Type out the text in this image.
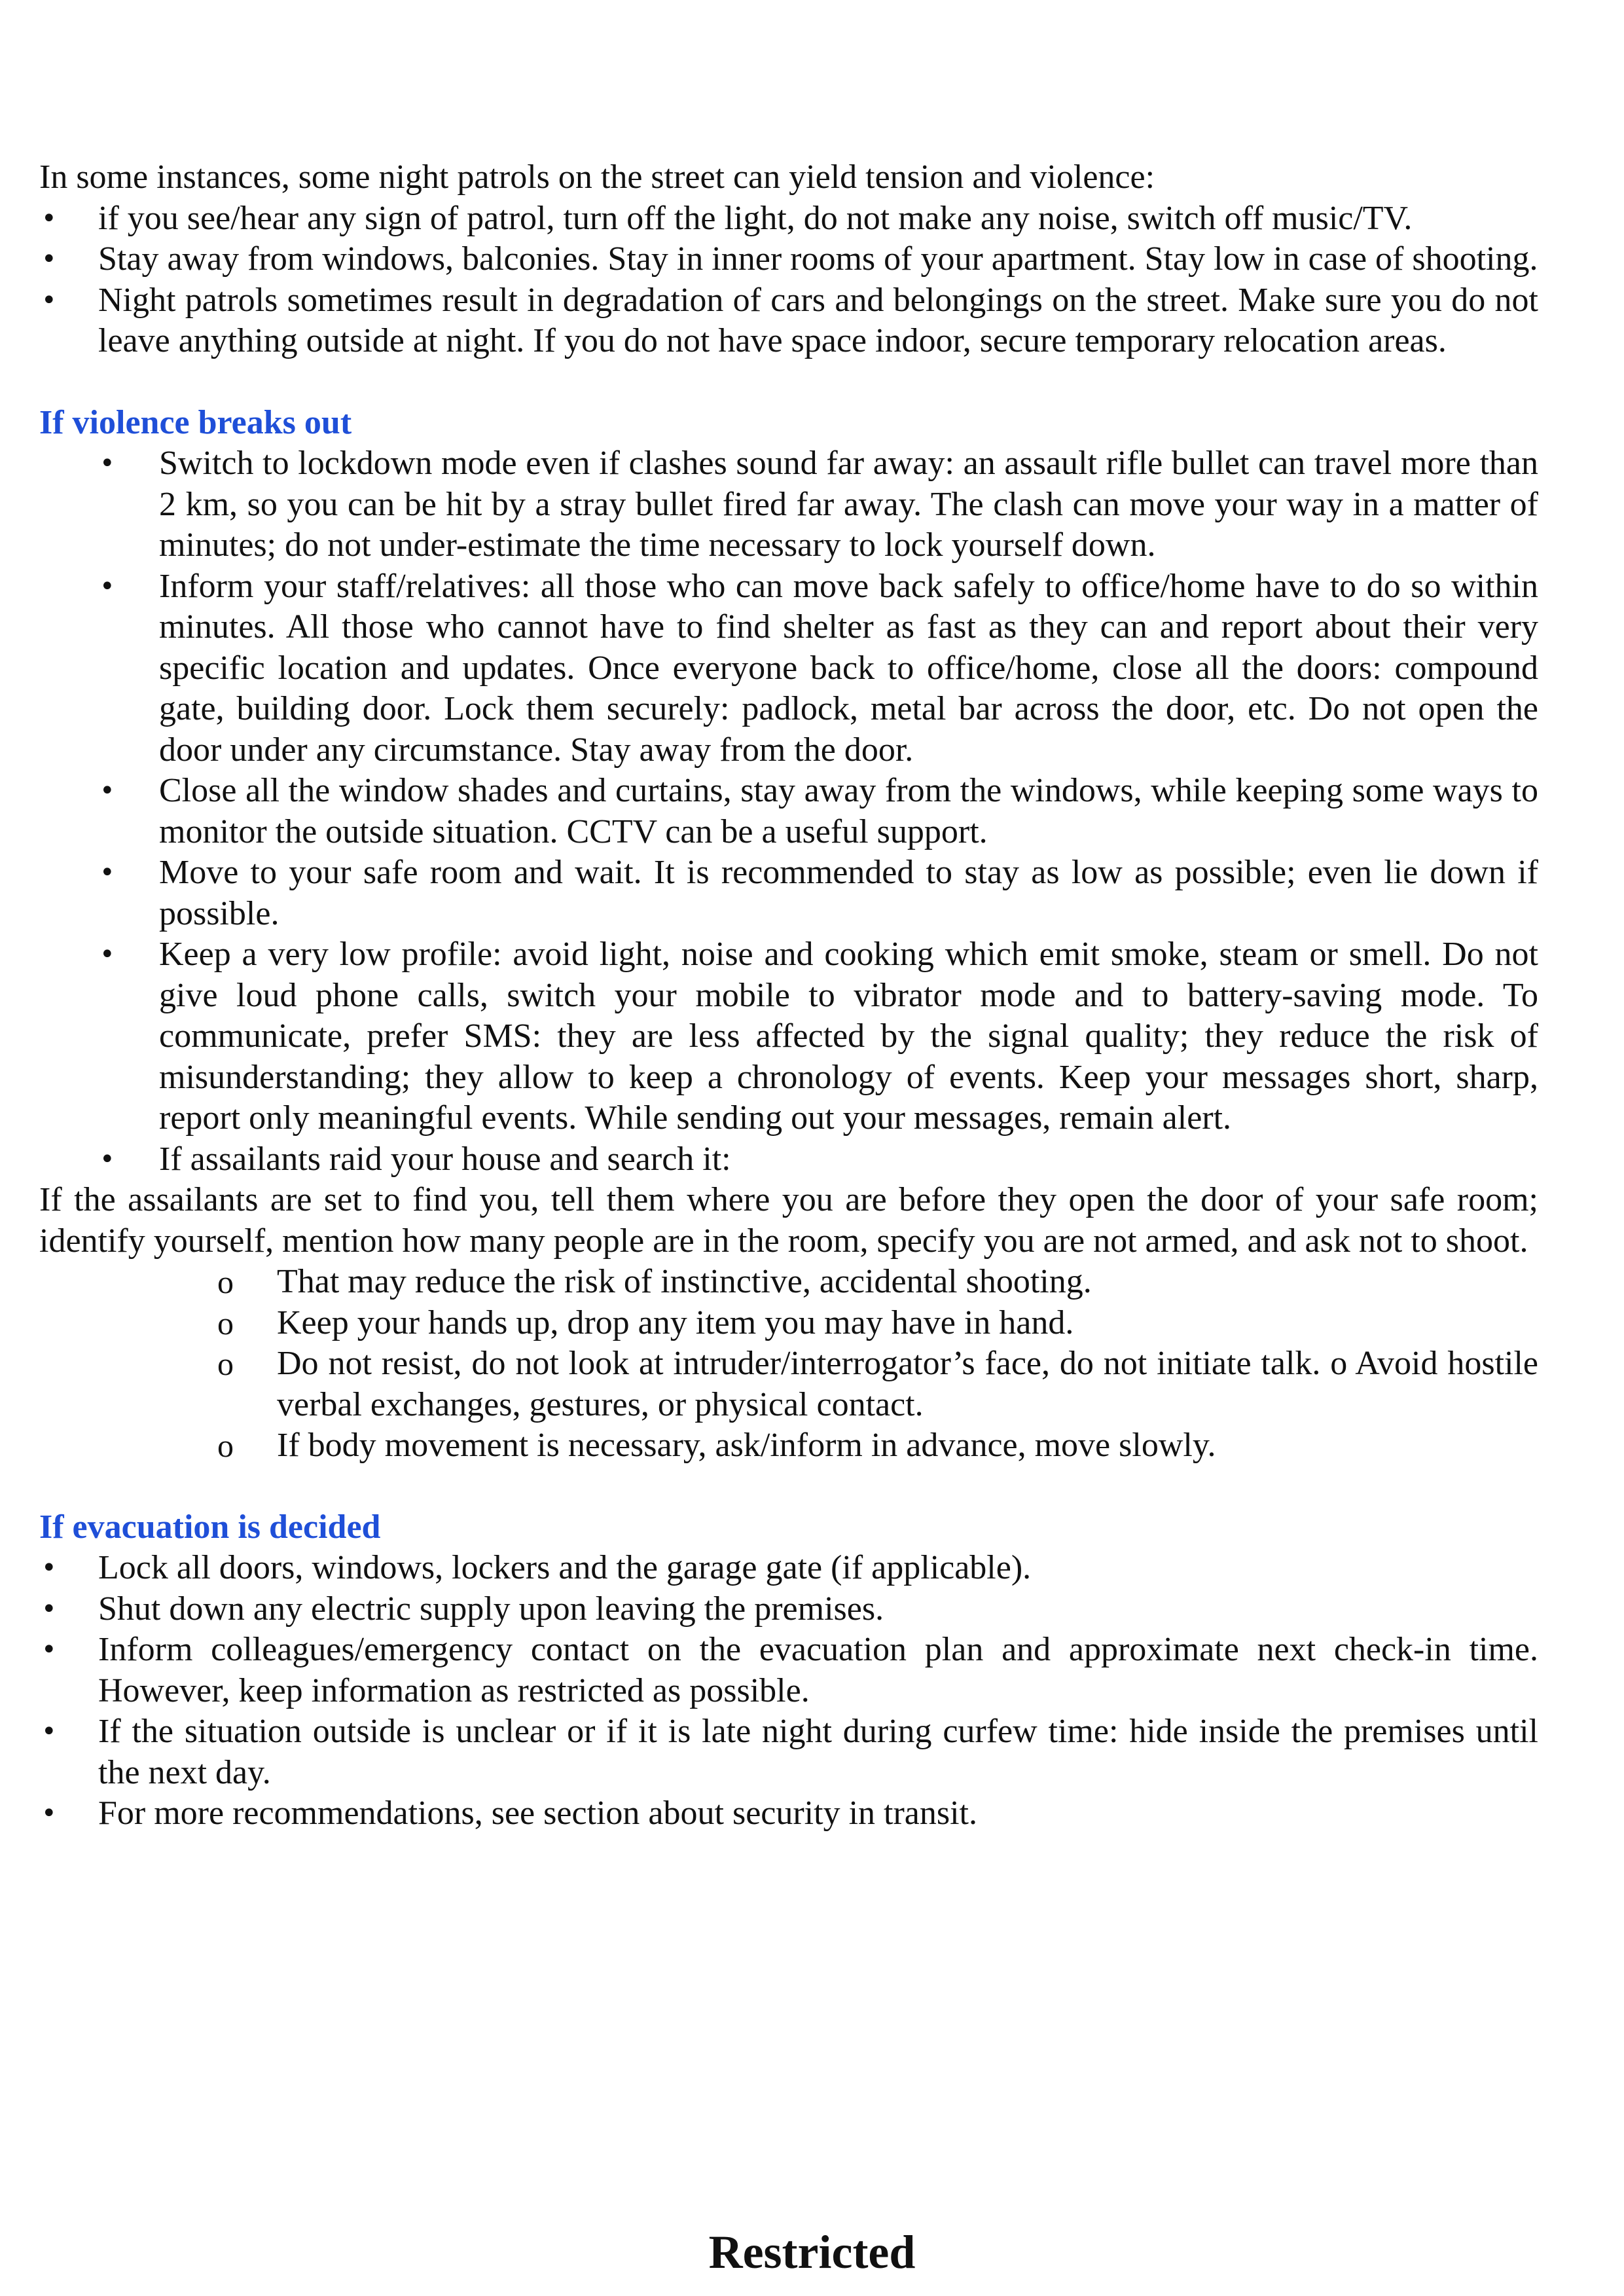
In some instances, some night patrols on the street can yield tension and violence:

• if you see/hear any sign of patrol, turn off the light, do not make any noise, switch off music/TV.
• Stay away from windows, balconies. Stay in inner rooms of your apartment. Stay low in case of shooting.
• Night patrols sometimes result in degradation of cars and belongings on the street. Make sure you do not leave anything outside at night. If you do not have space indoor, secure temporary relocation areas.

If violence breaks out

• Switch to lockdown mode even if clashes sound far away: an assault rifle bullet can travel more than 2 km, so you can be hit by a stray bullet fired far away. The clash can move your way in a matter of minutes; do not under-estimate the time necessary to lock yourself down.
• Inform your staff/relatives: all those who can move back safely to office/home have to do so within minutes. All those who cannot have to find shelter as fast as they can and report about their very specific location and updates. Once everyone back to office/home, close all the doors: compound gate, building door. Lock them securely: padlock, metal bar across the door, etc. Do not open the door under any circumstance. Stay away from the door.
• Close all the window shades and curtains, stay away from the windows, while keeping some ways to monitor the outside situation. CCTV can be a useful support.
• Move to your safe room and wait. It is recommended to stay as low as possible; even lie down if possible.
• Keep a very low profile: avoid light, noise and cooking which emit smoke, steam or smell. Do not give loud phone calls, switch your mobile to vibrator mode and to battery-saving mode. To communicate, prefer SMS: they are less affected by the signal quality; they reduce the risk of misunderstanding; they allow to keep a chronology of events. Keep your messages short, sharp, report only meaningful events. While sending out your messages, remain alert.
• If assailants raid your house and search it:

If the assailants are set to find you, tell them where you are before they open the door of your safe room; identify yourself, mention how many people are in the room, specify you are not armed, and ask not to shoot.

o That may reduce the risk of instinctive, accidental shooting.
o Keep your hands up, drop any item you may have in hand.
o Do not resist, do not look at intruder/interrogator’s face, do not initiate talk. o Avoid hostile verbal exchanges, gestures, or physical contact.
o If body movement is necessary, ask/inform in advance, move slowly.

If evacuation is decided

• Lock all doors, windows, lockers and the garage gate (if applicable).
• Shut down any electric supply upon leaving the premises.
• Inform colleagues/emergency contact on the evacuation plan and approximate next check-in time. However, keep information as restricted as possible.
• If the situation outside is unclear or if it is late night during curfew time: hide inside the premises until the next day.
• For more recommendations, see section about security in transit.
Restricted
